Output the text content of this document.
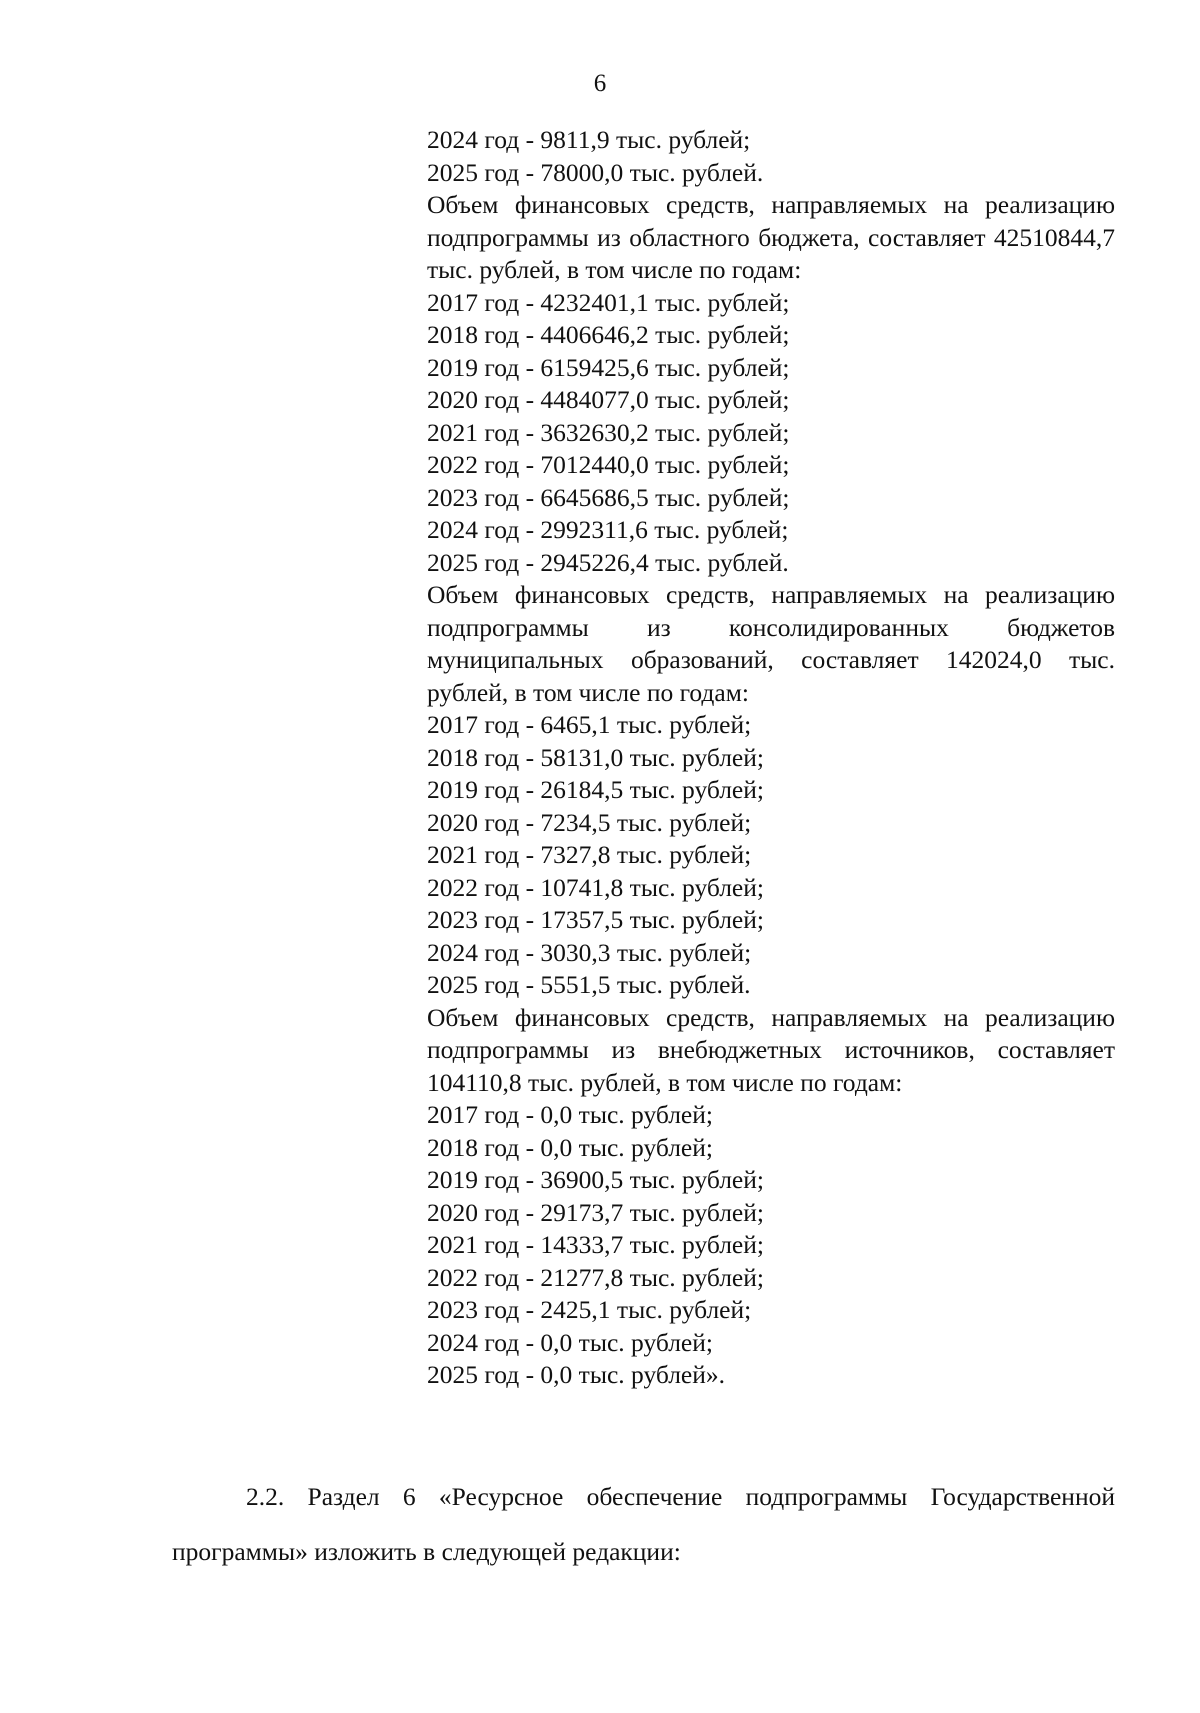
6
2024 год - 9811,9 тыс. рублей;
2025 год - 78000,0 тыс. рублей.
Объем финансовых средств, направляемых на реализацию подпрограммы из областного бюджета, составляет 42510844,7 тыс. рублей, в том числе по годам:
2017 год - 4232401,1 тыс. рублей;
2018 год - 4406646,2 тыс. рублей;
2019 год - 6159425,6 тыс. рублей;
2020 год - 4484077,0 тыс. рублей;
2021 год - 3632630,2 тыс. рублей;
2022 год - 7012440,0 тыс. рублей;
2023 год - 6645686,5 тыс. рублей;
2024 год - 2992311,6 тыс. рублей;
2025 год - 2945226,4 тыс. рублей.
Объем финансовых средств, направляемых на реализацию подпрограммы из консолидированных бюджетов муниципальных образований, составляет 142024,0 тыс. рублей, в том числе по годам:
2017 год - 6465,1 тыс. рублей;
2018 год - 58131,0 тыс. рублей;
2019 год - 26184,5 тыс. рублей;
2020 год - 7234,5 тыс. рублей;
2021 год - 7327,8 тыс. рублей;
2022 год - 10741,8 тыс. рублей;
2023 год - 17357,5 тыс. рублей;
2024 год - 3030,3 тыс. рублей;
2025 год - 5551,5 тыс. рублей.
Объем финансовых средств, направляемых на реализацию подпрограммы из внебюджетных источников, составляет 104110,8 тыс. рублей, в том числе по годам:
2017 год - 0,0 тыс. рублей;
2018 год - 0,0 тыс. рублей;
2019 год - 36900,5 тыс. рублей;
2020 год - 29173,7 тыс. рублей;
2021 год - 14333,7 тыс. рублей;
2022 год - 21277,8 тыс. рублей;
2023 год - 2425,1 тыс. рублей;
2024 год - 0,0 тыс. рублей;
2025 год - 0,0 тыс. рублей».
2.2. Раздел 6 «Ресурсное обеспечение подпрограммы Государственной
программы» изложить в следующей редакции:
